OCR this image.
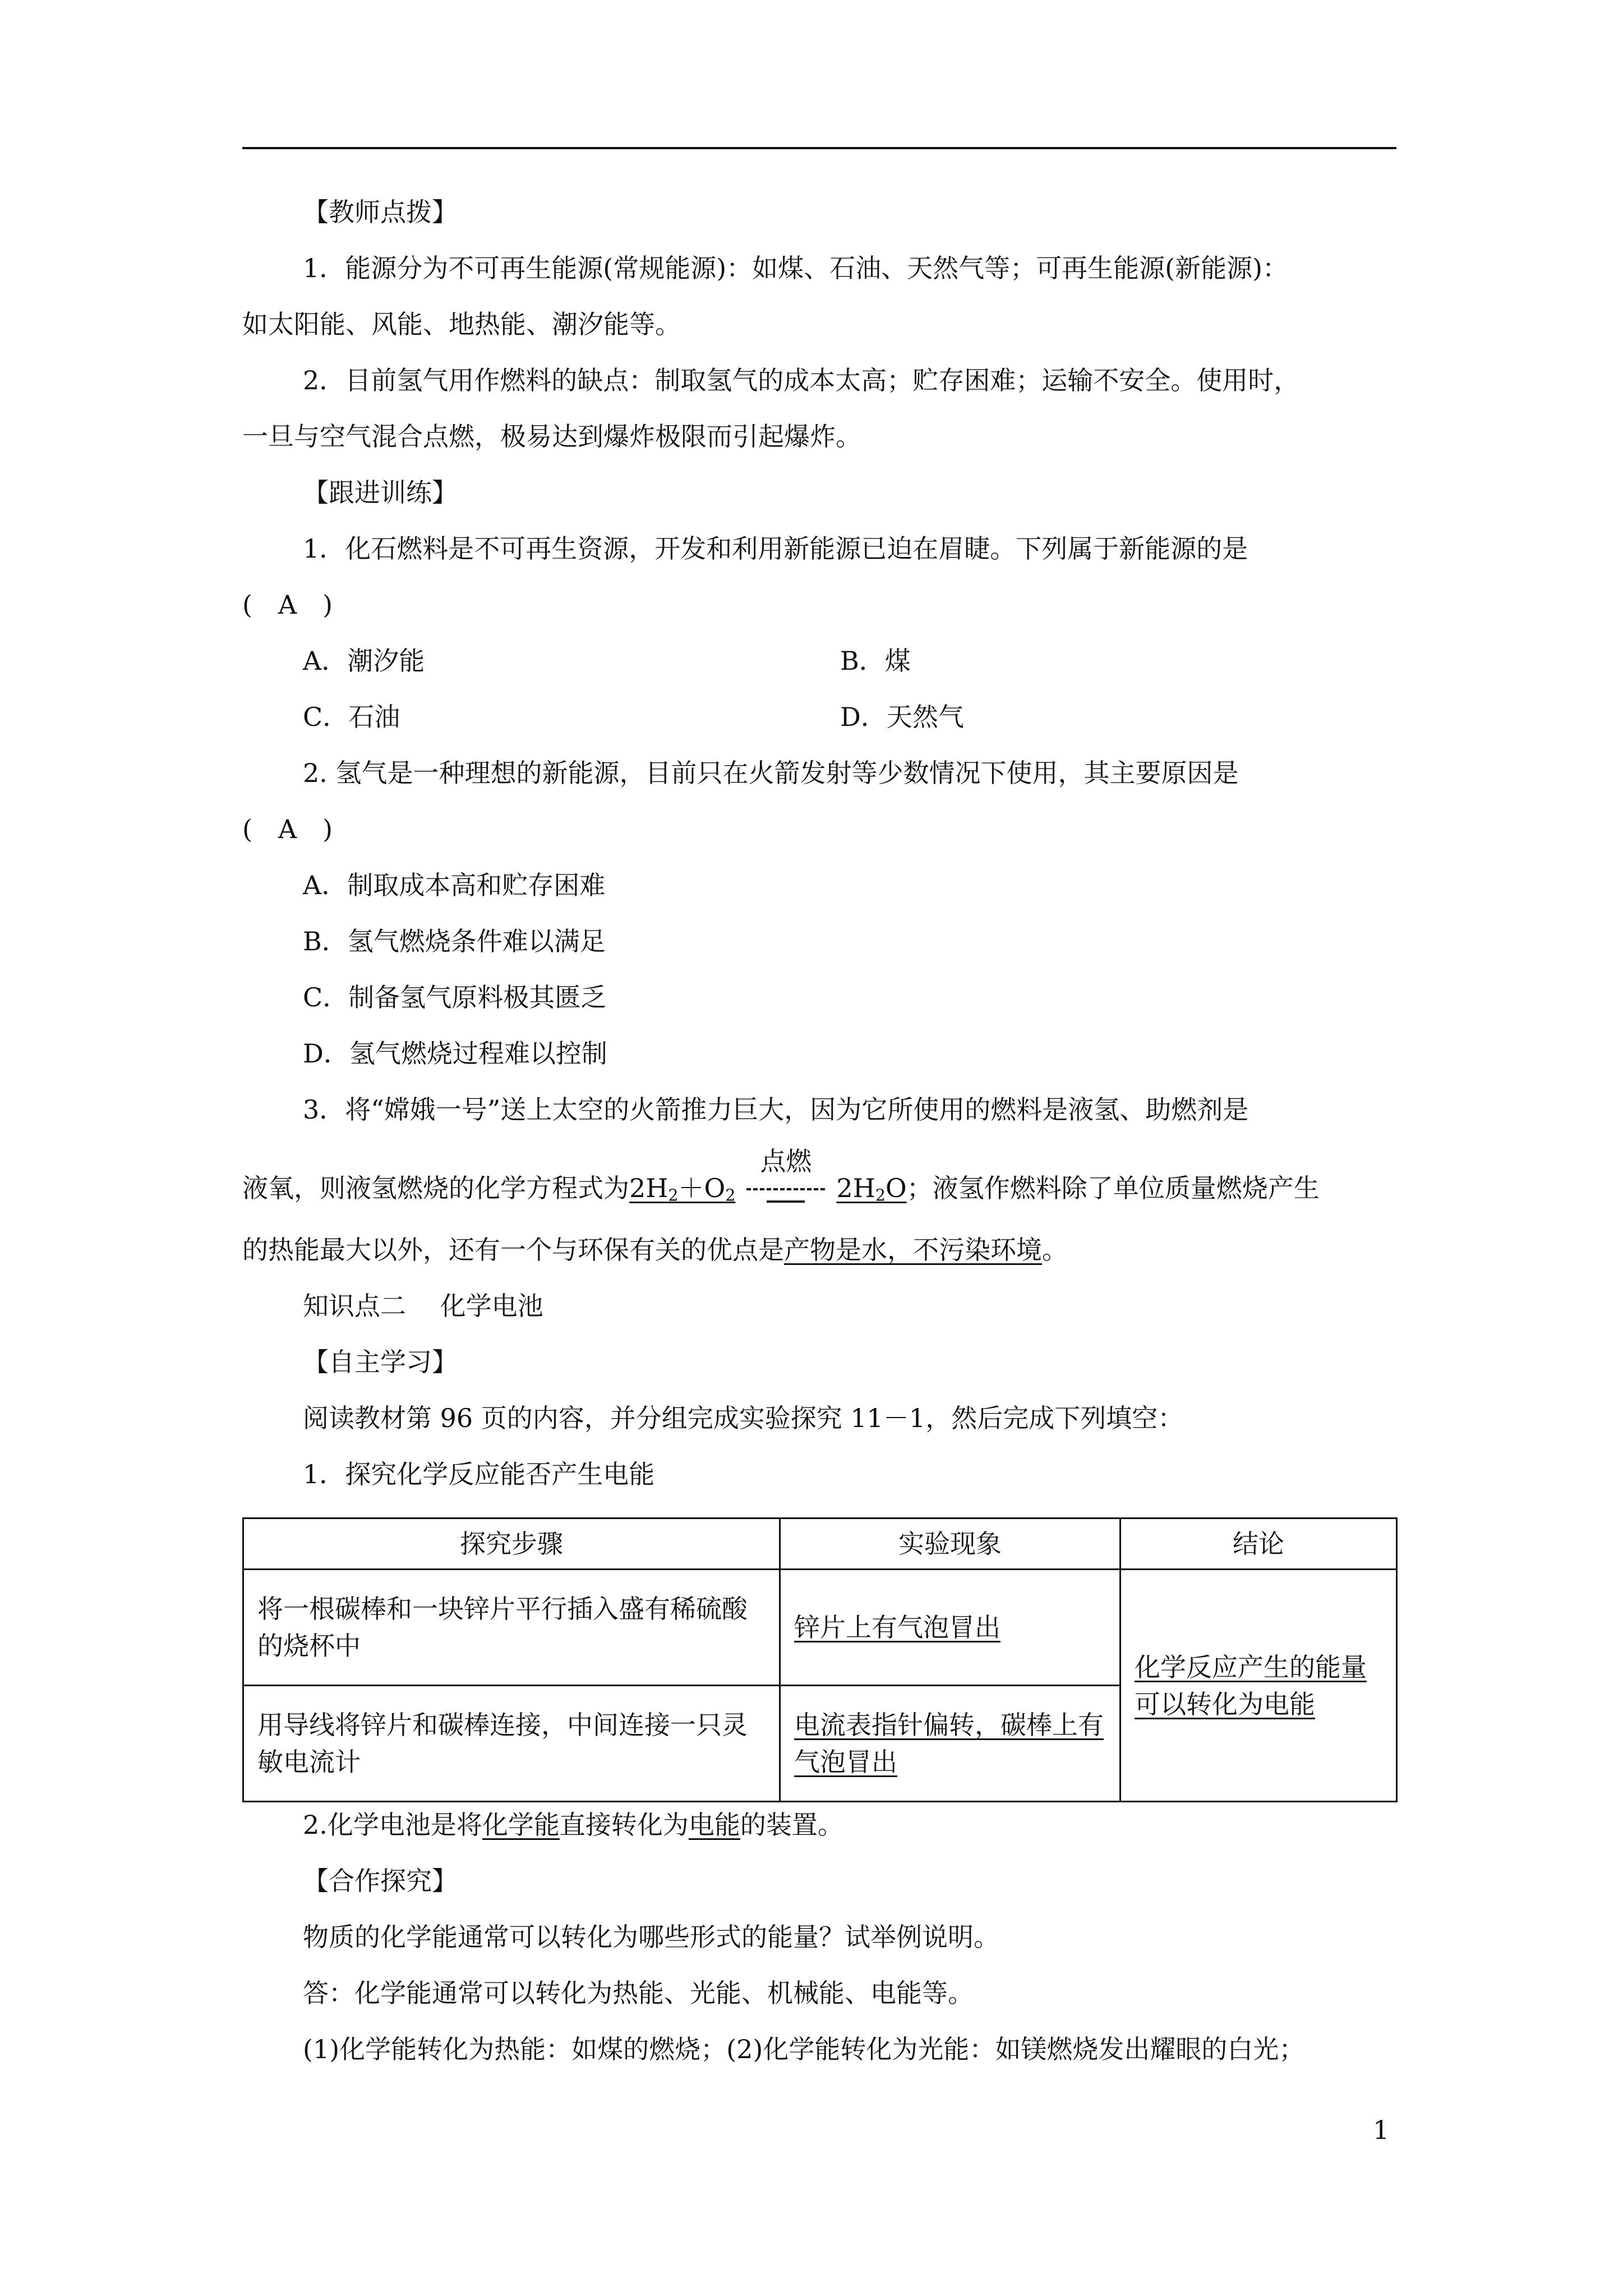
【教师点拨】
1．能源分为不可再生能源(常规能源)：如煤、石油、天然气等；可再生能源(新能源)：
如太阳能、风能、地热能、潮汐能等。
2．目前氢气用作燃料的缺点：制取氢气的成本太高；贮存困难；运输不安全。使用时，
一旦与空气混合点燃，极易达到爆炸极限而引起爆炸。
【跟进训练】
1．化石燃料是不可再生资源，开发和利用新能源已迫在眉睫。下列属于新能源的是
(　A　)
A．潮汐能	B．煤
C．石油	D．天然气
2. 氢气是一种理想的新能源，目前只在火箭发射等少数情况下使用，其主要原因是
(　A　)
A．制取成本高和贮存困难
B．氢气燃烧条件难以满足
C．制备氢气原料极其匮乏
D．氢气燃烧过程难以控制
3．将“嫦娥一号”送上太空的火箭推力巨大，因为它所使用的燃料是液氢、助燃剂是
液氧，则液氢燃烧的化学方程式为$2H_2+O_2$
点燃
$2H_2O$；液氢作燃料除了单位质量燃烧产生
的热能最大以外，还有一个与环保有关的优点是产物是水，不污染环境。
知识点二　 化学电池
【自主学习】
阅读教材第 96 页的内容，并分组完成实验探究 11－1，然后完成下列填空：
1．探究化学反应能否产生电能
探究步骤	实验现象	结论
将一根碳棒和一块锌片平行插入盛有稀硫酸的烧杯中	锌片上有气泡冒出	化学反应产生的能量可以转化为电能
用导线将锌片和碳棒连接，中间连接一只灵敏电流计	电流表指针偏转，碳棒上有气泡冒出	
2.化学电池是将化学能直接转化为电能的装置。
【合作探究】
物质的化学能通常可以转化为哪些形式的能量？试举例说明。
答：化学能通常可以转化为热能、光能、机械能、电能等。
(1)化学能转化为热能：如煤的燃烧；(2)化学能转化为光能：如镁燃烧发出耀眼的白光；
1
